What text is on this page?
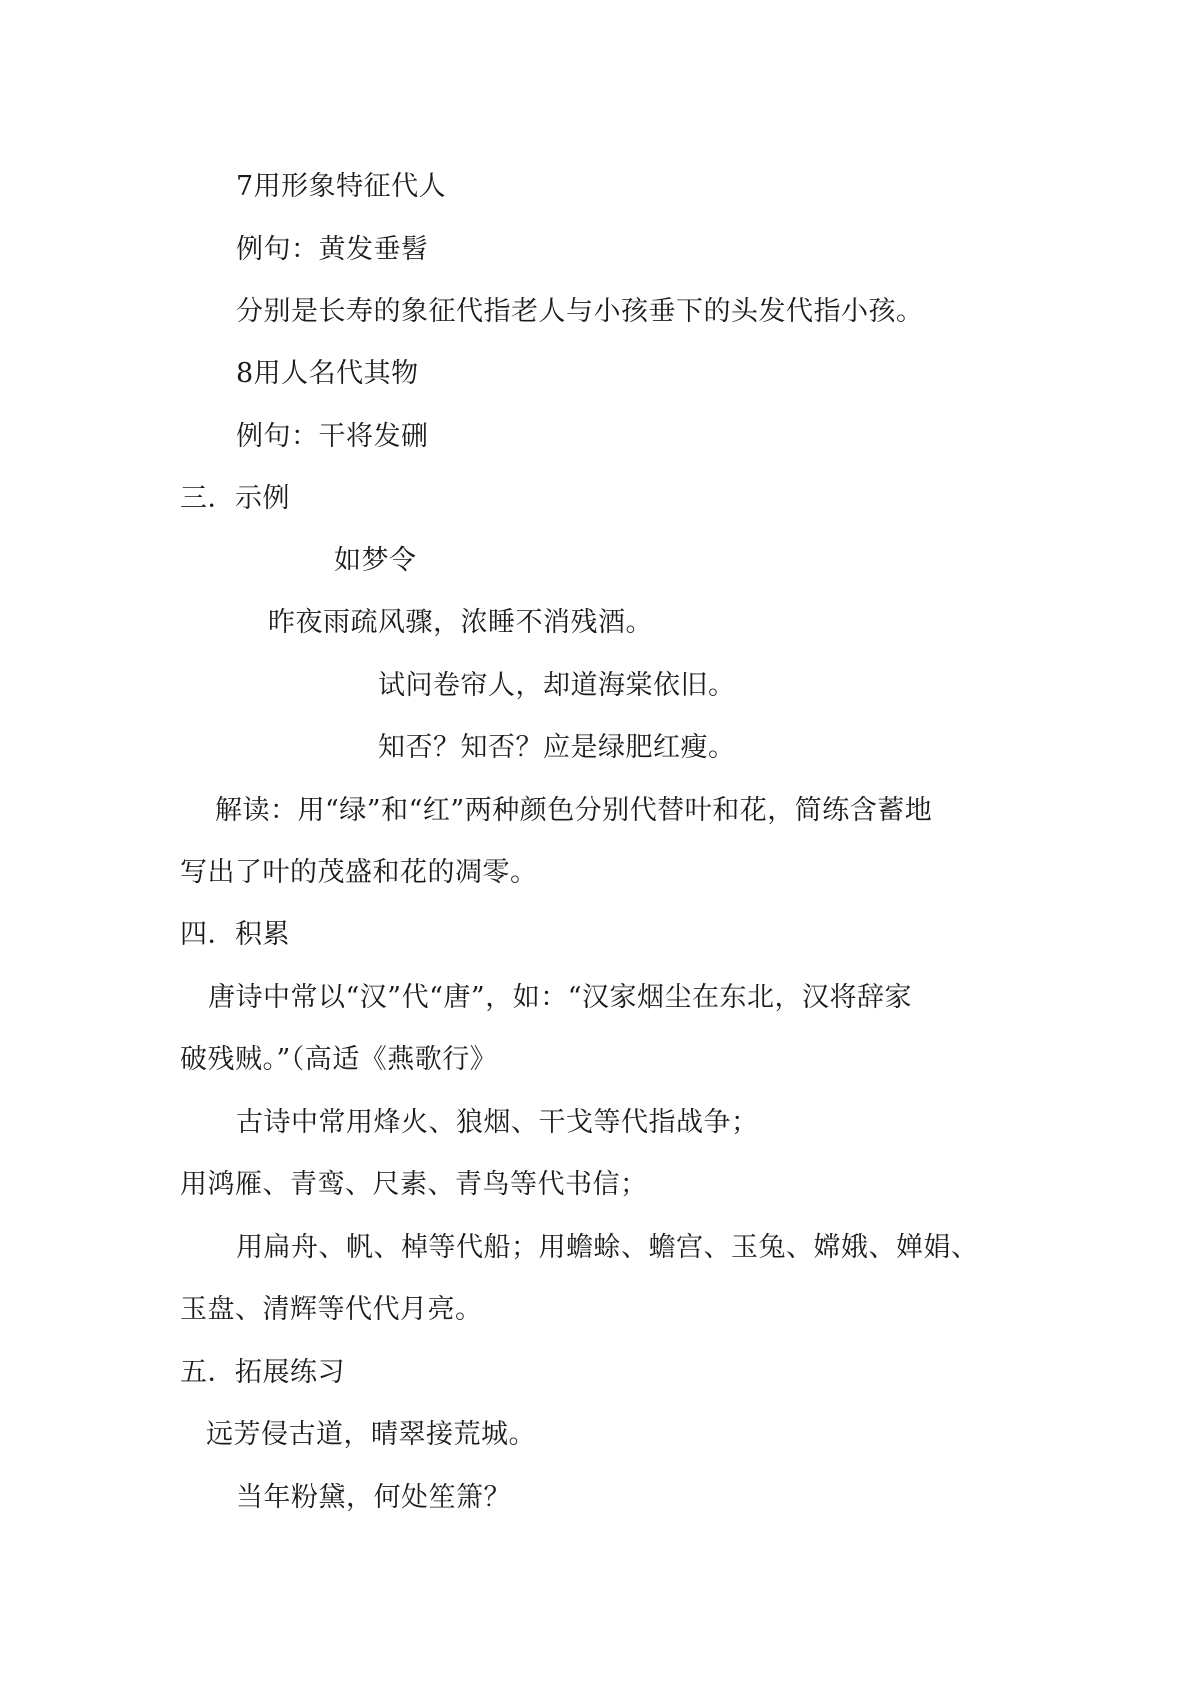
7用形象特征代人
例句：黄发垂髫
分别是长寿的象征代指老人与小孩垂下的头发代指小孩。
8用人名代其物
例句：干将发硎
三．示例
如梦令
昨夜雨疏风骤，浓睡不消残酒。
试问卷帘人，却道海棠依旧。
知否？知否？应是绿肥红瘦。
解读：用“绿”和“红”两种颜色分别代替叶和花，简练含蓄地
写出了叶的茂盛和花的凋零。
四．积累
唐诗中常以“汉”代“唐”，如：“汉家烟尘在东北，汉将辞家
破残贼。”（高适《燕歌行》
古诗中常用烽火、狼烟、干戈等代指战争；
用鸿雁、青鸾、尺素、青鸟等代书信；
用扁舟、帆、棹等代船；用蟾蜍、蟾宫、玉兔、嫦娥、婵娟、
玉盘、清辉等代代月亮。
五．拓展练习
远芳侵古道，晴翠接荒城。
当年粉黛，何处笙箫？
